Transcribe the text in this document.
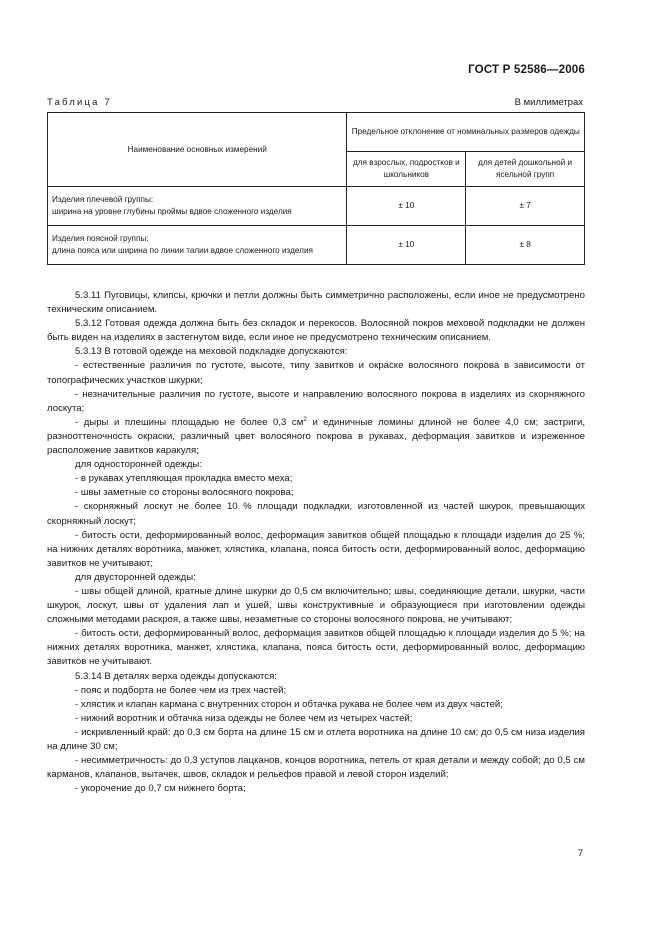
ГОСТ Р 52586—2006
Таблица 7	В миллиметрах
Наименование основных измерений	Предельное отклонение от номинальных размеров одежды	
	для взрослых, подростков и школьников	для детей дошкольной и ясельной групп

Изделия плечевой группы:
ширина на уровне глубины проймы вдвое сложенного изделия	± 10	± 7

Изделия поясной группы:
длина пояса или ширина по линии талии вдвое сложенного изделия	± 10	± 8

5.3.11 Пуговицы, клипсы, крючки и петли должны быть симметрично расположены, если иное не предусмотрено техническим описанием.

5.3.12 Готовая одежда должна быть без складок и перекосов. Волосяной покров меховой подкладки не должен быть виден на изделиях в застегнутом виде, если иное не предусмотрено техническим описанием.

5.3.13 В готовой одежде на меховой подкладке допускаются:

- естественные различия по густоте, высоте, типу завитков и окраске волосяного покрова в зависимости от топографических участков шкурки;

- незначительные различия по густоте, высоте и направлению волосяного покрова в изделиях из скорняжного лоскута;

- дыры и плешины площадью не более 0,3 $см^2$ и единичные ломины длиной не более 4,0 см; застриги, разнооттеночность окраски, различный цвет волосяного покрова в рукавах, деформация завитков и изреженное расположение завитков каракуля;

для односторонней одежды:

- в рукавах утепляющая прокладка вместо меха;

- швы заметные со стороны волосяного покрова;

- скорняжный лоскут не более 10 % площади подкладки, изготовленной из частей шкурок, превышающих скорняжный лоскут;

- битость ости, деформированный волос, деформация завитков общей площадью к площади изделия до 25 %; на нижних деталях воротника, манжет, хлястика, клапана, пояса битость ости, деформированный волос, деформацию завитков не учитывают;

для двусторонней одежды:

- швы общей длиной, кратные длине шкурки до 0,5 см включительно; швы, соединяющие детали, шкурки, части шкурок, лоскут, швы от удаления лап и ушей, швы конструктивные и образующиеся при изготовлении одежды сложными методами раскроя, а также швы, незаметные со стороны волосяного покрова, не учитывают;

- битость ости, деформированный волос, деформация завитков общей площадью к площади изделия до 5 %; на нижних деталях воротника, манжет, хлястика, клапана, пояса битость ости, деформированный волос, деформацию завитков не учитывают.

5.3.14 В деталях верха одежды допускаются:

- пояс и подборта не более чем из трех частей;

- хлястик и клапан кармана с внутренних сторон и обтачка рукава не более чем из двух частей;

- нижний воротник и обтачка низа одежды не более чем из четырех частей;

- искривленный край: до 0,3 см борта на длине 15 см и отлета воротника на длине 10 см; до 0,5 см низа изделия на длине 30 см;

- несимметричность: до 0,3 уступов лацканов, концов воротника, петель от края детали и между собой; до 0,5 см карманов, клапанов, вытачек, швов, складок и рельефов правой и левой сторон изделий;

- укорочение до 0,7 см нижнего борта;

7
